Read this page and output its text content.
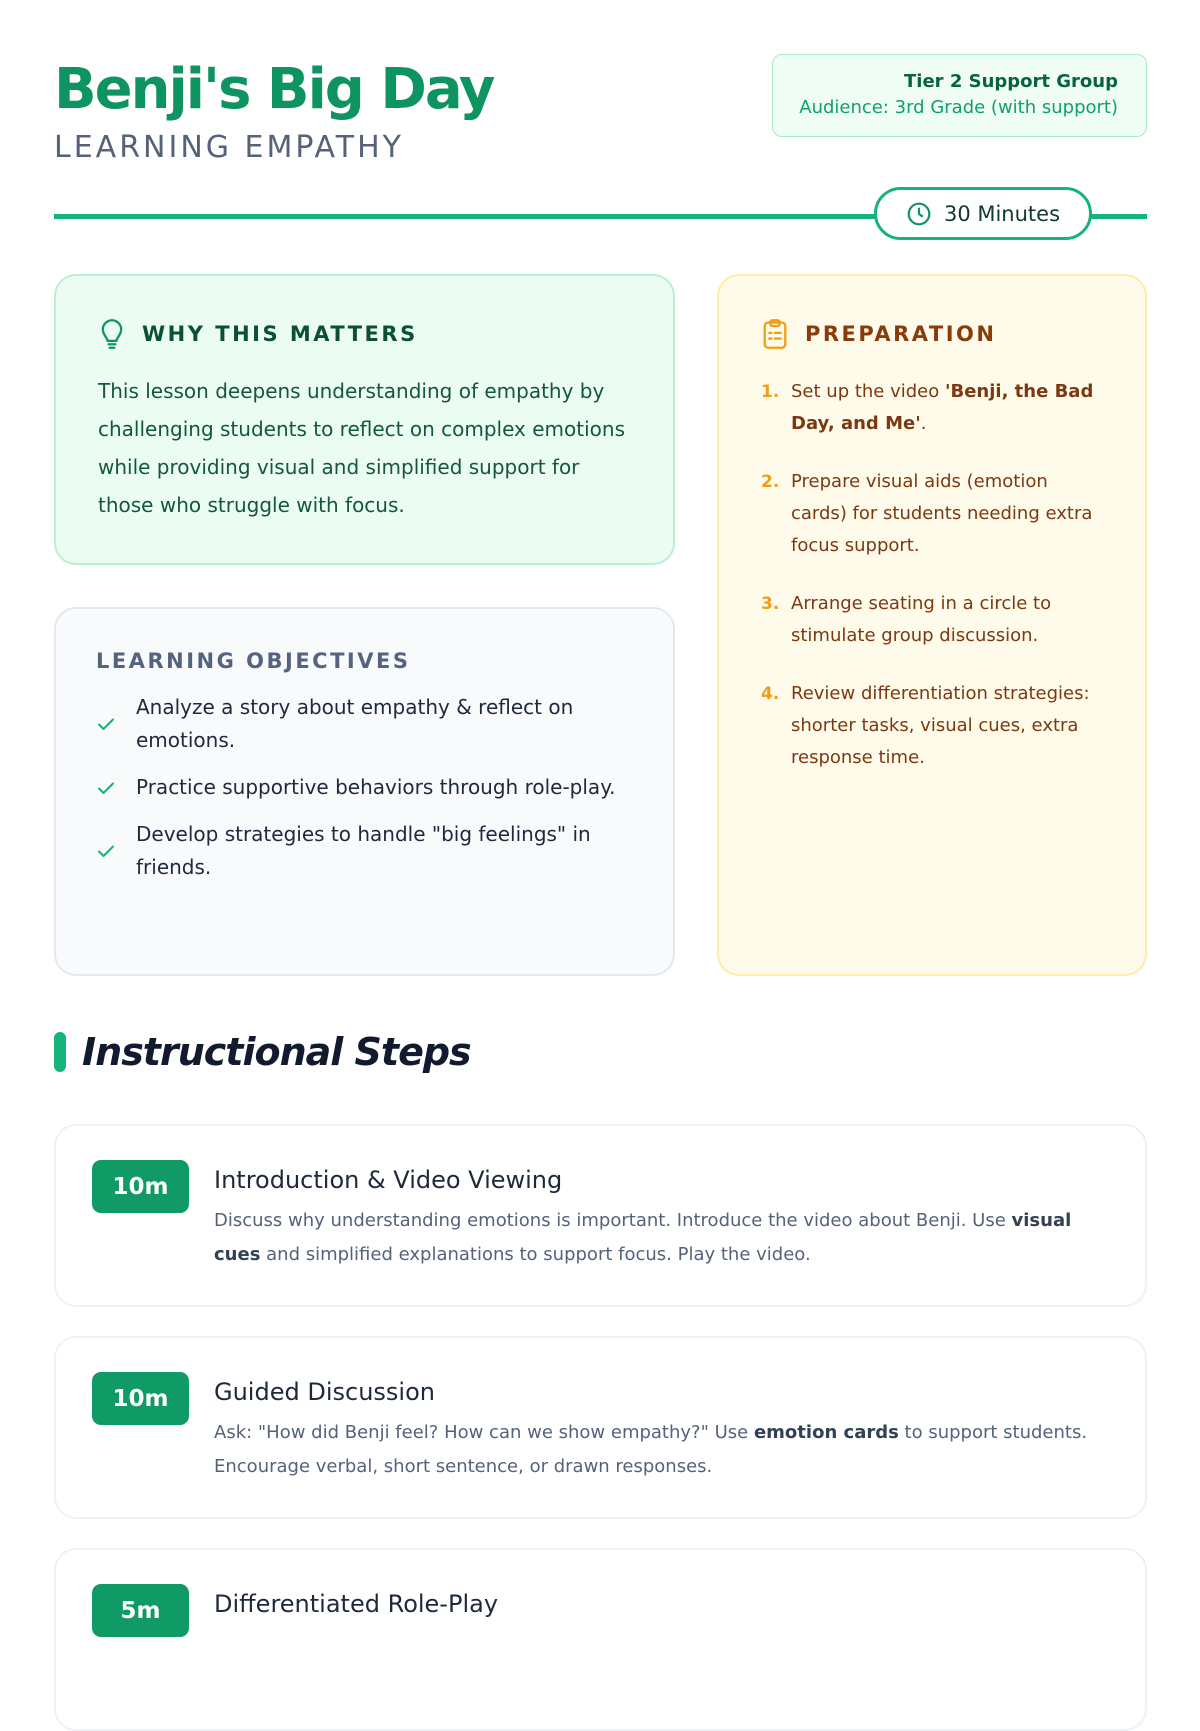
Benji's Big Day
LEARNING EMPATHY
Tier 2 Support Group
Audience: 3rd Grade (with support)
30 Minutes
WHY THIS MATTERS

This lesson deepens understanding of empathy by challenging students to reflect on complex emotions while providing visual and simplified support for those who struggle with focus.

LEARNING OBJECTIVES
Analyze a story about empathy & reflect on emotions.
Practice supportive behaviors through role-play.
Develop strategies to handle "big feelings" in friends.
PREPARATION
1. Set up the video 'Benji, the Bad Day, and Me'.
2. Prepare visual aids (emotion cards) for students needing extra focus support.
3. Arrange seating in a circle to stimulate group discussion.
4. Review differentiation strategies: shorter tasks, visual cues, extra response time.
Instructional Steps
10m	Introduction & Video Viewing

Discuss why understanding emotions is important. Introduce the video about Benji. Use visual cues and simplified explanations to support focus. Play the video.

10m	Guided Discussion

Ask: "How did Benji feel? How can we show empathy?" Use emotion cards to support students. Encourage verbal, short sentence, or drawn responses.

5m	Differentiated Role-Play
